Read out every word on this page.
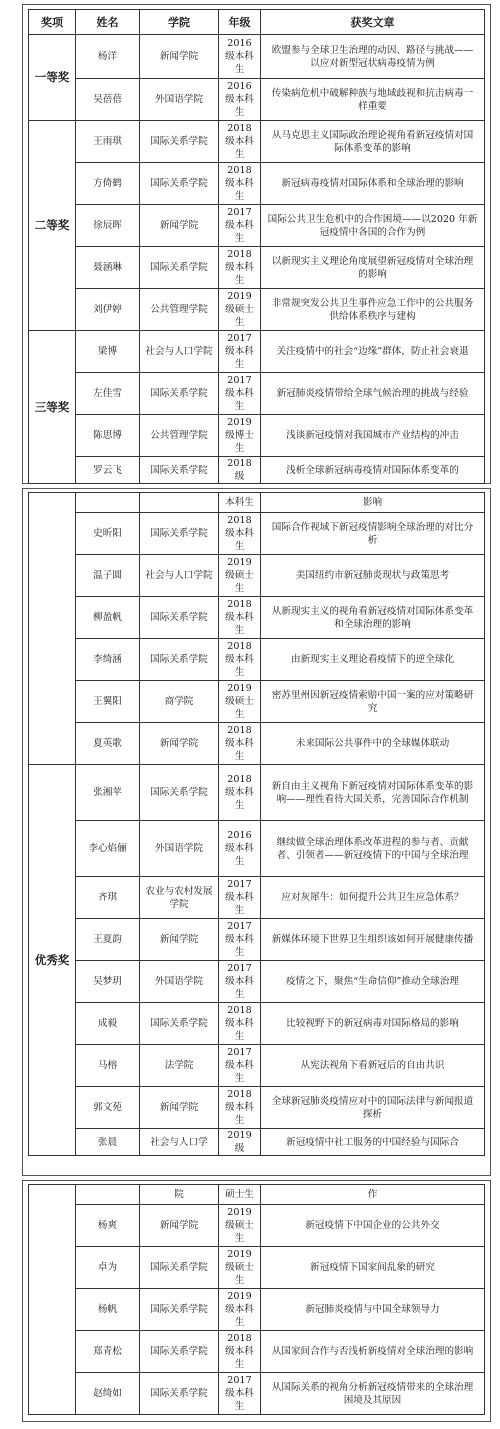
奖项	姓名	学院	年级	获奖文章
一等奖	杨洋	新闻学院	2016 级本科生	欧盟参与全球卫生治理的动因、路径与挑战——以应对新型冠状病毒疫情为例
	吴蓓蓓	外国语学院	2016 级本科生	传染病危机中破解种族与地域歧视和抗击病毒一样重要
二等奖	王雨琪	国际关系学院	2018 级本科生	从马克思主义国际政治理论视角看新冠疫情对国际体系变革的影响
	方倚鹤	国际关系学院	2018 级本科生	新冠病毒疫情对国际体系和全球治理的影响
	徐辰晖	新闻学院	2017 级本科生	国际公共卫生危机中的合作困境——以2020 年新冠疫情中各国的合作为例
	聂涵琳	国际关系学院	2018 级本科生	以新现实主义理论角度展望新冠疫情对全球治理的影响
	刘伊婷	公共管理学院	2019 级硕士生	非常规突发公共卫生事件应急工作中的公共服务供给体系秩序与建构
三等奖	梁博	社会与人口学院	2017 级本科生	关注疫情中的社会“边缘”群体，防止社会衰退
	左佳雪	国际关系学院	2017 级本科生	新冠肺炎疫情带给全球气候治理的挑战与经验
	陈思博	公共管理学院	2019 级博士生	浅谈新冠疫情对我国城市产业结构的冲击
	罗云飞	国际关系学院	2018 级	浅析全球新冠病毒疫情对国际体系变革的
			本科生	影响
	史昕阳	国际关系学院	2018 级本科生	国际合作视域下新冠疫情影响全球治理的对比分析
	温子圆	社会与人口学院	2019 级硕士生	美国纽约市新冠肺炎现状与政策思考
	柳盈帆	国际关系学院	2018 级本科生	从新现实主义的视角看新冠疫情对国际体系变革和全球治理的影响
	李绮涵	国际关系学院	2018 级本科生	由新现实主义理论看疫情下的逆全球化
	王翼阳	商学院	2019 级硕士生	密苏里州因新冠疫情索赔中国一案的应对策略研究
	夏英歌	新闻学院	2018 级本科生	未来国际公共事件中的全球媒体联动
优秀奖	张湘苹	国际关系学院	2018 级本科生	新自由主义视角下新冠疫情对国际体系变革的影响——理性看待大国关系，完善国际合作机制
	李心焰俪	外国语学院	2016 级本科生	继续做全球治理体系改革进程的参与者、贡献者、引领者——新冠疫情下的中国与全球治理
	齐琪	农业与农村发展学院	2017 级本科生	应对灰犀牛：如何提升公共卫生应急体系？
	王夏韵	新闻学院	2017 级本科生	新媒体环境下世界卫生组织该如何开展健康传播
	吴梦玥	外国语学院	2017 级本科生	疫情之下，聚焦“生命信仰”推动全球治理
	成毅	国际关系学院	2018 级本科生	比较视野下的新冠病毒对国际格局的影响
	马榕	法学院	2017 级本科生	从宪法视角下看新冠后的自由共识
	郭文苑	新闻学院	2018 级本科生	全球新冠肺炎疫情应对中的国际法律与新闻报道探析
	张晨	社会与人口学	2019 级	新冠疫情中社工服务的中国经验与国际合
		院	硕士生	作
	杨爽	新闻学院	2019 级硕士生	新冠疫情下中国企业的公共外交
	卓为	国际关系学院	2019 级硕士生	新冠疫情下国家间乱象的研究
	杨帆	国际关系学院	2019 级本科生	新冠肺炎疫情与中国全球领导力
	郑青松	国际关系学院	2018 级本科生	从国家间合作与否浅析新疫情对全球治理的影响
	赵绮如	国际关系学院	2017 级本科生	从国际关系的视角分析新冠疫情带来的全球治理困境及其原因
